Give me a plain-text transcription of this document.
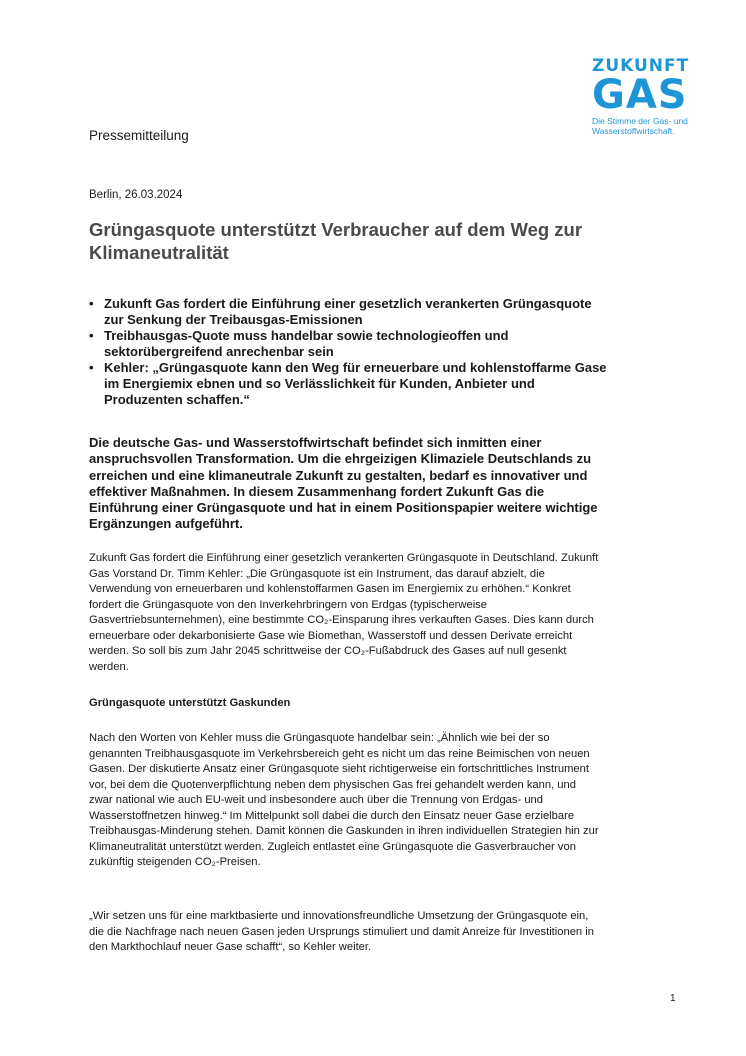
ZUKUNFT
GAS
Die Stimme der Gas- und Wasserstoffwirtschaft.
Pressemitteilung
Berlin, 26.03.2024
Grüngasquote unterstützt Verbraucher auf dem Weg zur Klimaneutralität
• Zukunft Gas fordert die Einführung einer gesetzlich verankerten Grüngasquote zur Senkung der Treibausgas-Emissionen
• Treibhausgas-Quote muss handelbar sowie technologieoffen und sektorübergreifend anrechenbar sein
• Kehler: „Grüngasquote kann den Weg für erneuerbare und kohlenstoffarme Gase im Energiemix ebnen und so Verlässlichkeit für Kunden, Anbieter und Produzenten schaffen.“

Die deutsche Gas- und Wasserstoffwirtschaft befindet sich inmitten einer anspruchsvollen Transformation. Um die ehrgeizigen Klimaziele Deutschlands zu erreichen und eine klimaneutrale Zukunft zu gestalten, bedarf es innovativer und effektiver Maßnahmen. In diesem Zusammenhang fordert Zukunft Gas die Einführung einer Grüngasquote und hat in einem Positionspapier weitere wichtige Ergänzungen aufgeführt.

Zukunft Gas fordert die Einführung einer gesetzlich verankerten Grüngasquote in Deutschland. Zukunft Gas Vorstand Dr. Timm Kehler: „Die Grüngasquote ist ein Instrument, das darauf abzielt, die Verwendung von erneuerbaren und kohlenstoffarmen Gasen im Energiemix zu erhöhen.“ Konkret fordert die Grüngasquote von den Inverkehrbringern von Erdgas (typischerweise Gasvertriebsunternehmen), eine bestimmte CO₂-Einsparung ihres verkauften Gases. Dies kann durch erneuerbare oder dekarbonisierte Gase wie Biomethan, Wasserstoff und dessen Derivate erreicht werden. So soll bis zum Jahr 2045 schrittweise der CO₂-Fußabdruck des Gases auf null gesenkt werden.

Grüngasquote unterstützt Gaskunden

Nach den Worten von Kehler muss die Grüngasquote handelbar sein: „Ähnlich wie bei der so genannten Treibhausgasquote im Verkehrsbereich geht es nicht um das reine Beimischen von neuen Gasen. Der diskutierte Ansatz einer Grüngasquote sieht richtigerweise ein fortschrittliches Instrument vor, bei dem die Quotenverpflichtung neben dem physischen Gas frei gehandelt werden kann, und zwar national wie auch EU-weit und insbesondere auch über die Trennung von Erdgas- und Wasserstoffnetzen hinweg.“ Im Mittelpunkt soll dabei die durch den Einsatz neuer Gase erzielbare Treibhausgas-Minderung stehen. Damit können die Gaskunden in ihren individuellen Strategien hin zur Klimaneutralität unterstützt werden. Zugleich entlastet eine Grüngasquote die Gasverbraucher von zukünftig steigenden CO₂-Preisen.

„Wir setzen uns für eine marktbasierte und innovationsfreundliche Umsetzung der Grüngasquote ein, die die Nachfrage nach neuen Gasen jeden Ursprungs stimuliert und damit Anreize für Investitionen in den Markthochlauf neuer Gase schafft“, so Kehler weiter.

1
